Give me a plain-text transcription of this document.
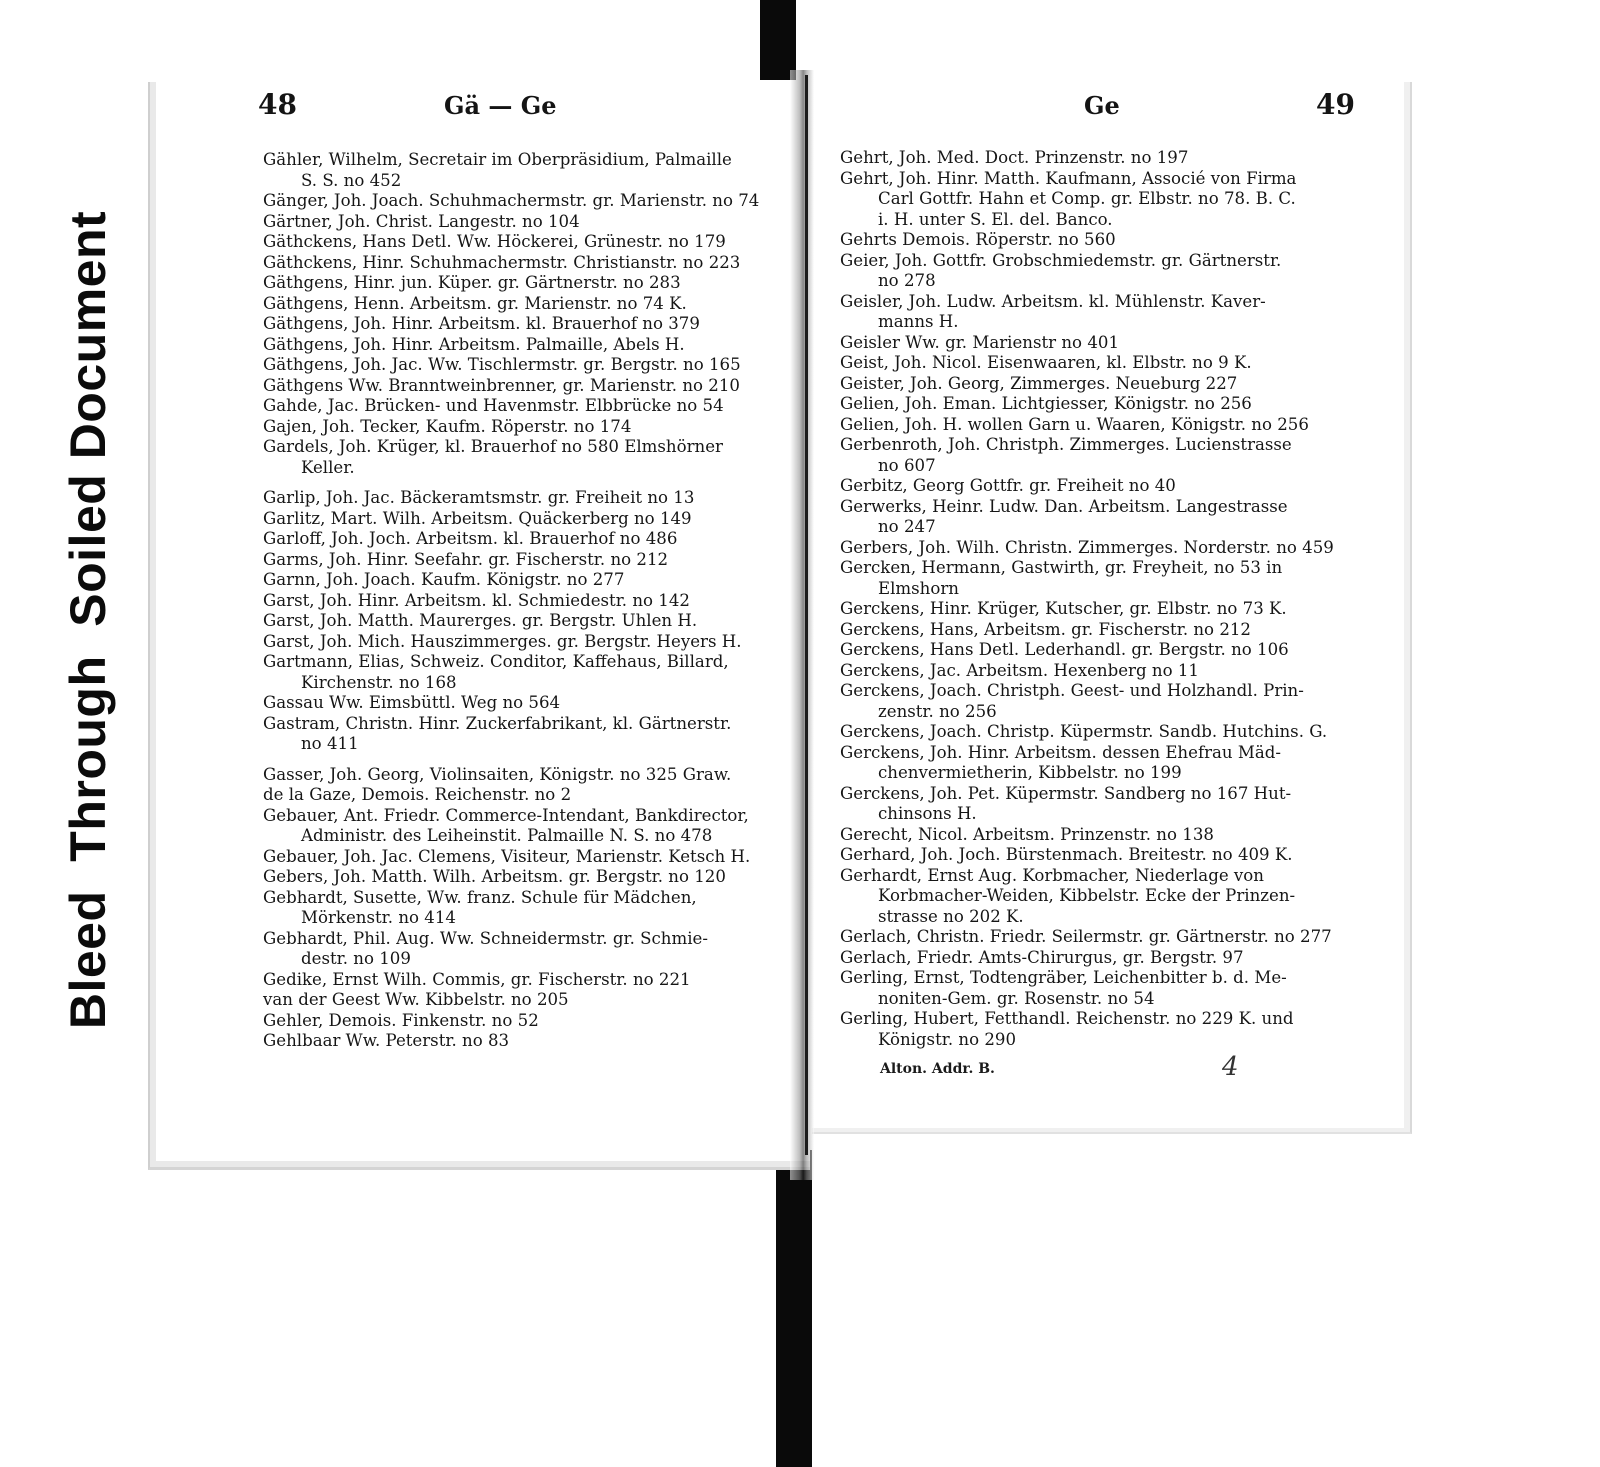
Bleed  Through  Soiled Document
48	Gä — Ge	Ge	49
Gähler, Wilhelm, Secretair im Oberpräsidium, Palmaille
S. S. no 452
Gänger, Joh. Joach. Schuhmachermstr. gr. Marienstr. no 74
Gärtner, Joh. Christ. Langestr. no 104
Gäthckens, Hans Detl. Ww. Höckerei, Grünestr. no 179
Gäthckens, Hinr. Schuhmachermstr. Christianstr. no 223
Gäthgens, Hinr. jun. Küper. gr. Gärtnerstr. no 283
Gäthgens, Henn. Arbeitsm. gr. Marienstr. no 74 K.
Gäthgens, Joh. Hinr. Arbeitsm. kl. Brauerhof no 379
Gäthgens, Joh. Hinr. Arbeitsm. Palmaille, Abels H.
Gäthgens, Joh. Jac. Ww. Tischlermstr. gr. Bergstr. no 165
Gäthgens Ww. Branntweinbrenner, gr. Marienstr. no 210
Gahde, Jac. Brücken- und Havenmstr. Elbbrücke no 54
Gajen, Joh. Tecker, Kaufm. Röperstr. no 174
Gardels, Joh. Krüger, kl. Brauerhof no 580 Elmshörner
Keller.
Garlip, Joh. Jac. Bäckeramtsmstr. gr. Freiheit no 13
Garlitz, Mart. Wilh. Arbeitsm. Quäckerberg no 149
Garloff, Joh. Joch. Arbeitsm. kl. Brauerhof no 486
Garms, Joh. Hinr. Seefahr. gr. Fischerstr. no 212
Garnn, Joh. Joach. Kaufm. Königstr. no 277
Garst, Joh. Hinr. Arbeitsm. kl. Schmiedestr. no 142
Garst, Joh. Matth. Maurerges. gr. Bergstr. Uhlen H.
Garst, Joh. Mich. Hauszimmerges. gr. Bergstr. Heyers H.
Gartmann, Elias, Schweiz. Conditor, Kaffehaus, Billard,
Kirchenstr. no 168
Gassau Ww. Eimsbüttl. Weg no 564
Gastram, Christn. Hinr. Zuckerfabrikant, kl. Gärtnerstr.
no 411
Gasser, Joh. Georg, Violinsaiten, Königstr. no 325 Graw.
de la Gaze, Demois. Reichenstr. no 2
Gebauer, Ant. Friedr. Commerce-Intendant, Bankdirector,
Administr. des Leiheinstit. Palmaille N. S. no 478
Gebauer, Joh. Jac. Clemens, Visiteur, Marienstr. Ketsch H.
Gebers, Joh. Matth. Wilh. Arbeitsm. gr. Bergstr. no 120
Gebhardt, Susette, Ww. franz. Schule für Mädchen,
Mörkenstr. no 414
Gebhardt, Phil. Aug. Ww. Schneidermstr. gr. Schmie-
destr. no 109
Gedike, Ernst Wilh. Commis, gr. Fischerstr. no 221
van der Geest Ww. Kibbelstr. no 205
Gehler, Demois. Finkenstr. no 52
Gehlbaar Ww. Peterstr. no 83
Gehrt, Joh. Med. Doct. Prinzenstr. no 197
Gehrt, Joh. Hinr. Matth. Kaufmann, Associé von Firma
Carl Gottfr. Hahn et Comp. gr. Elbstr. no 78. B. C.
i. H. unter S. El. del. Banco.
Gehrts Demois. Röperstr. no 560
Geier, Joh. Gottfr. Grobschmiedemstr. gr. Gärtnerstr.
no 278
Geisler, Joh. Ludw. Arbeitsm. kl. Mühlenstr. Kaver-
manns H.
Geisler Ww. gr. Marienstr no 401
Geist, Joh. Nicol. Eisenwaaren, kl. Elbstr. no 9 K.
Geister, Joh. Georg, Zimmerges. Neueburg 227
Gelien, Joh. Eman. Lichtgiesser, Königstr. no 256
Gelien, Joh. H. wollen Garn u. Waaren, Königstr. no 256
Gerbenroth, Joh. Christph. Zimmerges. Lucienstrasse
no 607
Gerbitz, Georg Gottfr. gr. Freiheit no 40
Gerwerks, Heinr. Ludw. Dan. Arbeitsm. Langestrasse
no 247
Gerbers, Joh. Wilh. Christn. Zimmerges. Norderstr. no 459
Gercken, Hermann, Gastwirth, gr. Freyheit, no 53 in
Elmshorn
Gerckens, Hinr. Krüger, Kutscher, gr. Elbstr. no 73 K.
Gerckens, Hans, Arbeitsm. gr. Fischerstr. no 212
Gerckens, Hans Detl. Lederhandl. gr. Bergstr. no 106
Gerckens, Jac. Arbeitsm. Hexenberg no 11
Gerckens, Joach. Christph. Geest- und Holzhandl. Prin-
zenstr. no 256
Gerckens, Joach. Christp. Küpermstr. Sandb. Hutchins. G.
Gerckens, Joh. Hinr. Arbeitsm. dessen Ehefrau Mäd-
chenvermietherin, Kibbelstr. no 199
Gerckens, Joh. Pet. Küpermstr. Sandberg no 167 Hut-
chinsons H.
Gerecht, Nicol. Arbeitsm. Prinzenstr. no 138
Gerhard, Joh. Joch. Bürstenmach. Breitestr. no 409 K.
Gerhardt, Ernst Aug. Korbmacher, Niederlage von
Korbmacher-Weiden, Kibbelstr. Ecke der Prinzen-
strasse no 202 K.
Gerlach, Christn. Friedr. Seilermstr. gr. Gärtnerstr. no 277
Gerlach, Friedr. Amts-Chirurgus, gr. Bergstr. 97
Gerling, Ernst, Todtengräber, Leichenbitter b. d. Me-
noniten-Gem. gr. Rosenstr. no 54
Gerling, Hubert, Fetthandl. Reichenstr. no 229 K. und
Königstr. no 290
Alton. Addr. B.	4
